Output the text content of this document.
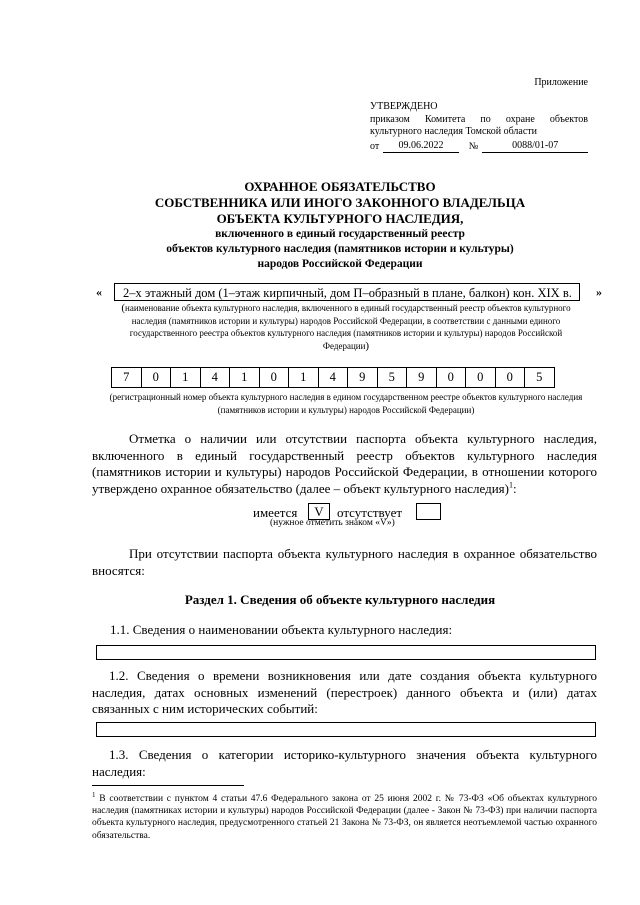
Приложение
УТВЕРЖДЕНО
приказом Комитета по охране объектов
культурного наследия Томской области
от	09.06.2022	№	0088/01-07
ОХРАННОЕ ОБЯЗАТЕЛЬСТВО
СОБСТВЕННИКА ИЛИ ИНОГО ЗАКОННОГО ВЛАДЕЛЬЦА
ОБЪЕКТА КУЛЬТУРНОГО НАСЛЕДИЯ,
включенного в единый государственный реестр
объектов культурного наследия (памятников истории и культуры)
народов Российской Федерации
«	2–х этажный дом (1–этаж кирпичный, дом П–образный в плане, балкон) кон. XIX в.	»
(наименование объекта культурного наследия, включенного в единый государственный реестр объектов культурного наследия (памятников истории и культуры) народов Российской Федерации, в соответствии с данными единого государственного реестра объектов культурного наследия (памятников истории и культуры) народов Российской Федерации)
7	0	1	4	1	0	1	4	9	5	9	0	0	0	5
(регистрационный номер объекта культурного наследия в едином государственном реестре объектов культурного наследия (памятников истории и культуры) народов Российской Федерации)
Отметка о наличии или отсутствии паспорта объекта культурного наследия, включенного в единый государственный реестр объектов культурного наследия (памятников истории и культуры) народов Российской Федерации, в отношении которого утверждено охранное обязательство (далее – объект культурного наследия)$^1$:
имеется	V	отсутствует
(нужное отметить знаком «V»)
При отсутствии паспорта объекта культурного наследия в охранное обязательство вносятся:
Раздел 1. Сведения об объекте культурного наследия
1.1. Сведения о наименовании объекта культурного наследия:
1.2. Сведения о времени возникновения или дате создания объекта культурного наследия, датах основных изменений (перестроек) данного объекта и (или) датах связанных с ним исторических событий:
1.3. Сведения о категории историко-культурного значения объекта культурного наследия:
$^1$ В соответствии с пунктом 4 статьи 47.6 Федерального закона от 25 июня 2002 г. № 73-ФЗ «Об объектах культурного наследия (памятниках истории и культуры) народов Российской Федерации (далее - Закон № 73-ФЗ) при наличии паспорта объекта культурного наследия, предусмотренного статьей 21 Закона № 73-ФЗ, он является неотъемлемой частью охранного обязательства.
